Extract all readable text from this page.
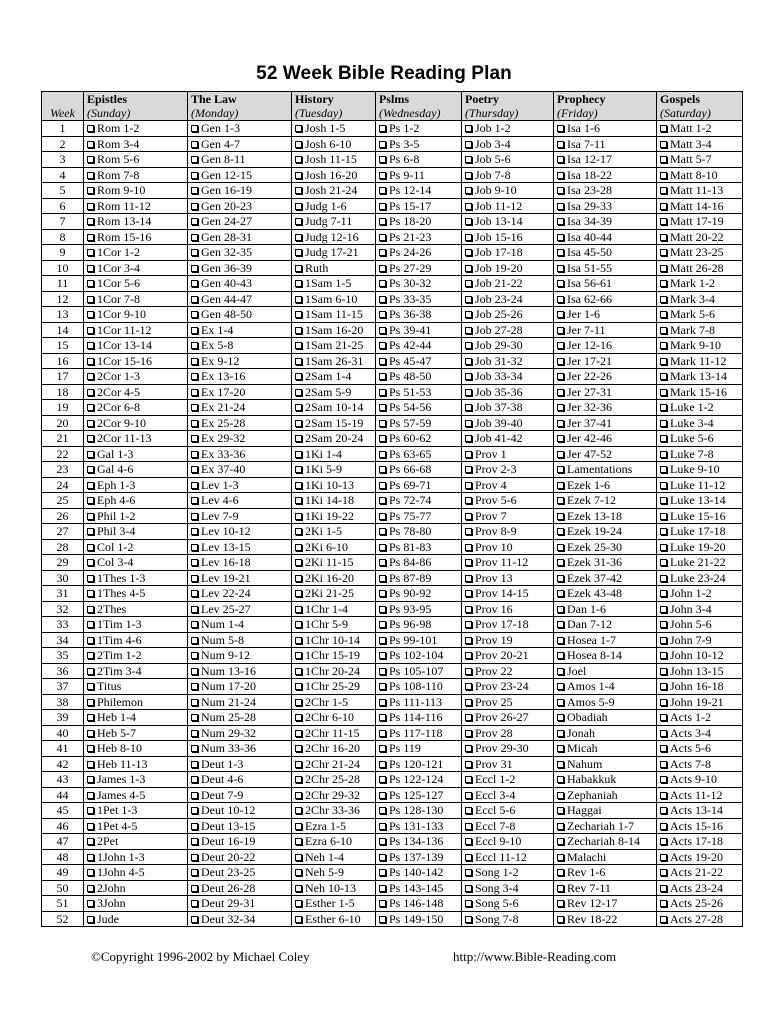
52 Week Bible Reading Plan
	Epistles	The Law	History	Pslms	Poetry	Prophecy	Gospels
Week	(Sunday)	(Monday)	(Tuesday)	(Wednesday)	(Thursday)	(Friday)	(Saturday)
1	Rom 1-2	Gen 1-3	Josh 1-5	Ps 1-2	Job 1-2	Isa 1-6	Matt 1-2
2	Rom 3-4	Gen 4-7	Josh 6-10	Ps 3-5	Job 3-4	Isa 7-11	Matt 3-4
3	Rom 5-6	Gen 8-11	Josh 11-15	Ps 6-8	Job 5-6	Isa 12-17	Matt 5-7
4	Rom 7-8	Gen 12-15	Josh 16-20	Ps 9-11	Job 7-8	Isa 18-22	Matt 8-10
5	Rom 9-10	Gen 16-19	Josh 21-24	Ps 12-14	Job 9-10	Isa 23-28	Matt 11-13
6	Rom 11-12	Gen 20-23	Judg 1-6	Ps 15-17	Job 11-12	Isa 29-33	Matt 14-16
7	Rom 13-14	Gen 24-27	Judg 7-11	Ps 18-20	Job 13-14	Isa 34-39	Matt 17-19
8	Rom 15-16	Gen 28-31	Judg 12-16	Ps 21-23	Job 15-16	Isa 40-44	Matt 20-22
9	1Cor 1-2	Gen 32-35	Judg 17-21	Ps 24-26	Job 17-18	Isa 45-50	Matt 23-25
10	1Cor 3-4	Gen 36-39	Ruth	Ps 27-29	Job 19-20	Isa 51-55	Matt 26-28
11	1Cor 5-6	Gen 40-43	1Sam 1-5	Ps 30-32	Job 21-22	Isa 56-61	Mark 1-2
12	1Cor 7-8	Gen 44-47	1Sam 6-10	Ps 33-35	Job 23-24	Isa 62-66	Mark 3-4
13	1Cor 9-10	Gen 48-50	1Sam 11-15	Ps 36-38	Job 25-26	Jer 1-6	Mark 5-6
14	1Cor 11-12	Ex 1-4	1Sam 16-20	Ps 39-41	Job 27-28	Jer 7-11	Mark 7-8
15	1Cor 13-14	Ex 5-8	1Sam 21-25	Ps 42-44	Job 29-30	Jer 12-16	Mark 9-10
16	1Cor 15-16	Ex 9-12	1Sam 26-31	Ps 45-47	Job 31-32	Jer 17-21	Mark 11-12
17	2Cor 1-3	Ex 13-16	2Sam 1-4	Ps 48-50	Job 33-34	Jer 22-26	Mark 13-14
18	2Cor 4-5	Ex 17-20	2Sam 5-9	Ps 51-53	Job 35-36	Jer 27-31	Mark 15-16
19	2Cor 6-8	Ex 21-24	2Sam 10-14	Ps 54-56	Job 37-38	Jer 32-36	Luke 1-2
20	2Cor 9-10	Ex 25-28	2Sam 15-19	Ps 57-59	Job 39-40	Jer 37-41	Luke 3-4
21	2Cor 11-13	Ex 29-32	2Sam 20-24	Ps 60-62	Job 41-42	Jer 42-46	Luke 5-6
22	Gal 1-3	Ex 33-36	1Ki 1-4	Ps 63-65	Prov 1	Jer 47-52	Luke 7-8
23	Gal 4-6	Ex 37-40	1Ki 5-9	Ps 66-68	Prov 2-3	Lamentations	Luke 9-10
24	Eph 1-3	Lev 1-3	1Ki 10-13	Ps 69-71	Prov 4	Ezek 1-6	Luke 11-12
25	Eph 4-6	Lev 4-6	1Ki 14-18	Ps 72-74	Prov 5-6	Ezek 7-12	Luke 13-14
26	Phil 1-2	Lev 7-9	1Ki 19-22	Ps 75-77	Prov 7	Ezek 13-18	Luke 15-16
27	Phil 3-4	Lev 10-12	2Ki 1-5	Ps 78-80	Prov 8-9	Ezek 19-24	Luke 17-18
28	Col 1-2	Lev 13-15	2Ki 6-10	Ps 81-83	Prov 10	Ezek 25-30	Luke 19-20
29	Col 3-4	Lev 16-18	2Ki 11-15	Ps 84-86	Prov 11-12	Ezek 31-36	Luke 21-22
30	1Thes 1-3	Lev 19-21	2Ki 16-20	Ps 87-89	Prov 13	Ezek 37-42	Luke 23-24
31	1Thes 4-5	Lev 22-24	2Ki 21-25	Ps 90-92	Prov 14-15	Ezek 43-48	John 1-2
32	2Thes	Lev 25-27	1Chr 1-4	Ps 93-95	Prov 16	Dan 1-6	John 3-4
33	1Tim 1-3	Num 1-4	1Chr 5-9	Ps 96-98	Prov 17-18	Dan 7-12	John 5-6
34	1Tim 4-6	Num 5-8	1Chr 10-14	Ps 99-101	Prov 19	Hosea 1-7	John 7-9
35	2Tim 1-2	Num 9-12	1Chr 15-19	Ps 102-104	Prov 20-21	Hosea 8-14	John 10-12
36	2Tim 3-4	Num 13-16	1Chr 20-24	Ps 105-107	Prov 22	Joel	John 13-15
37	Titus	Num 17-20	1Chr 25-29	Ps 108-110	Prov 23-24	Amos 1-4	John 16-18
38	Philemon	Num 21-24	2Chr 1-5	Ps 111-113	Prov 25	Amos 5-9	John 19-21
39	Heb 1-4	Num 25-28	2Chr 6-10	Ps 114-116	Prov 26-27	Obadiah	Acts 1-2
40	Heb 5-7	Num 29-32	2Chr 11-15	Ps 117-118	Prov 28	Jonah	Acts 3-4
41	Heb 8-10	Num 33-36	2Chr 16-20	Ps 119	Prov 29-30	Micah	Acts 5-6
42	Heb 11-13	Deut 1-3	2Chr 21-24	Ps 120-121	Prov 31	Nahum	Acts 7-8
43	James 1-3	Deut 4-6	2Chr 25-28	Ps 122-124	Eccl 1-2	Habakkuk	Acts 9-10
44	James 4-5	Deut 7-9	2Chr 29-32	Ps 125-127	Eccl 3-4	Zephaniah	Acts 11-12
45	1Pet 1-3	Deut 10-12	2Chr 33-36	Ps 128-130	Eccl 5-6	Haggai	Acts 13-14
46	1Pet 4-5	Deut 13-15	Ezra 1-5	Ps 131-133	Eccl 7-8	Zechariah 1-7	Acts 15-16
47	2Pet	Deut 16-19	Ezra 6-10	Ps 134-136	Eccl 9-10	Zechariah 8-14	Acts 17-18
48	1John 1-3	Deut 20-22	Neh 1-4	Ps 137-139	Eccl 11-12	Malachi	Acts 19-20
49	1John 4-5	Deut 23-25	Neh 5-9	Ps 140-142	Song 1-2	Rev 1-6	Acts 21-22
50	2John	Deut 26-28	Neh 10-13	Ps 143-145	Song 3-4	Rev 7-11	Acts 23-24
51	3John	Deut 29-31	Esther 1-5	Ps 146-148	Song 5-6	Rev 12-17	Acts 25-26
52	Jude	Deut 32-34	Esther 6-10	Ps 149-150	Song 7-8	Rev 18-22	Acts 27-28
©Copyright 1996-2002 by Michael Coley	http://www.Bible-Reading.com
